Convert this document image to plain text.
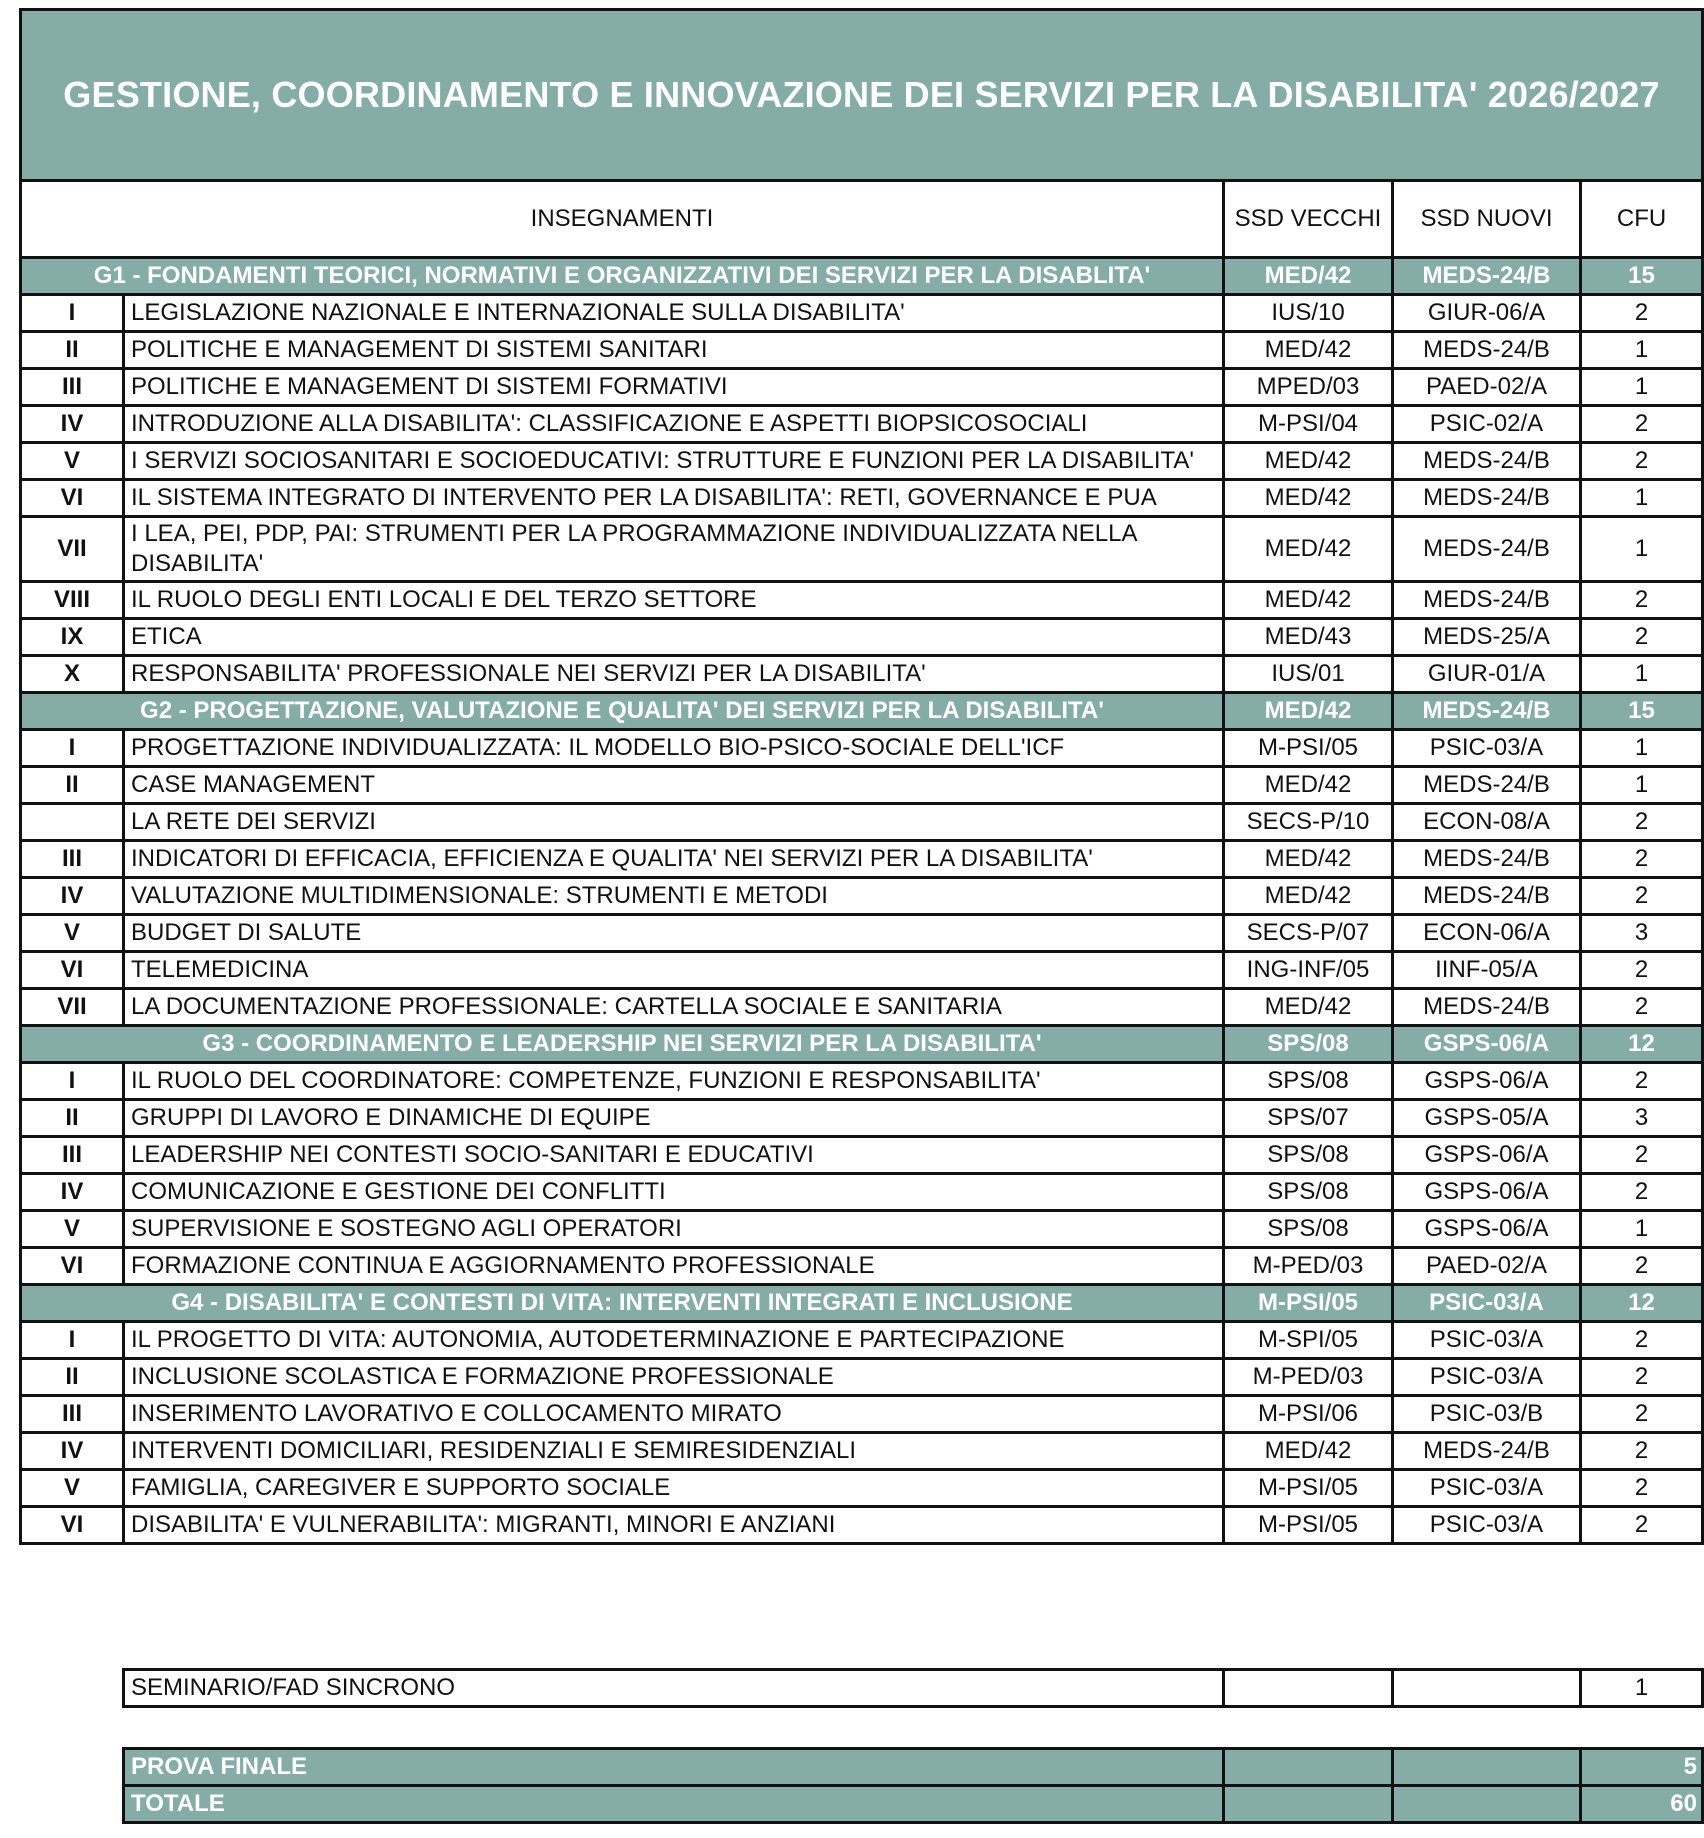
GESTIONE, COORDINAMENTO E INNOVAZIONE DEI SERVIZI PER LA DISABILITA' 2026/2027				
INSEGNAMENTI		SSD VECCHI	SSD NUOVI	CFU
G1 - FONDAMENTI TEORICI, NORMATIVI E ORGANIZZATIVI DEI SERVIZI PER LA DISABLITA'		MED/42	MEDS-24/B	15
I	LEGISLAZIONE NAZIONALE E INTERNAZIONALE SULLA DISABILITA'	IUS/10	GIUR-06/A	2
II	POLITICHE E MANAGEMENT DI SISTEMI SANITARI	MED/42	MEDS-24/B	1
III	POLITICHE E MANAGEMENT DI SISTEMI FORMATIVI	MPED/03	PAED-02/A	1
IV	INTRODUZIONE ALLA DISABILITA': CLASSIFICAZIONE E ASPETTI BIOPSICOSOCIALI	M-PSI/04	PSIC-02/A	2
V	I SERVIZI SOCIOSANITARI E SOCIOEDUCATIVI: STRUTTURE E FUNZIONI PER LA DISABILITA'	MED/42	MEDS-24/B	2
VI	IL SISTEMA INTEGRATO DI INTERVENTO PER LA DISABILITA': RETI, GOVERNANCE E PUA	MED/42	MEDS-24/B	1
VII	I LEA, PEI, PDP, PAI: STRUMENTI PER LA PROGRAMMAZIONE INDIVIDUALIZZATA NELLA DISABILITA'	MED/42	MEDS-24/B	1
VIII	IL RUOLO DEGLI ENTI LOCALI E DEL TERZO SETTORE	MED/42	MEDS-24/B	2
IX	ETICA	MED/43	MEDS-25/A	2
X	RESPONSABILITA' PROFESSIONALE NEI SERVIZI PER LA DISABILITA'	IUS/01	GIUR-01/A	1
G2 - PROGETTAZIONE, VALUTAZIONE E QUALITA' DEI SERVIZI PER LA DISABILITA'		MED/42	MEDS-24/B	15
I	PROGETTAZIONE INDIVIDUALIZZATA: IL MODELLO BIO-PSICO-SOCIALE DELL'ICF	M-PSI/05	PSIC-03/A	1
II	CASE MANAGEMENT	MED/42	MEDS-24/B	1
	LA RETE DEI SERVIZI	SECS-P/10	ECON-08/A	2
III	INDICATORI DI EFFICACIA, EFFICIENZA E QUALITA' NEI SERVIZI PER LA DISABILITA'	MED/42	MEDS-24/B	2
IV	VALUTAZIONE MULTIDIMENSIONALE: STRUMENTI E METODI	MED/42	MEDS-24/B	2
V	BUDGET DI SALUTE	SECS-P/07	ECON-06/A	3
VI	TELEMEDICINA	ING-INF/05	IINF-05/A	2
VII	LA DOCUMENTAZIONE PROFESSIONALE: CARTELLA SOCIALE E SANITARIA	MED/42	MEDS-24/B	2
G3 - COORDINAMENTO E LEADERSHIP NEI SERVIZI PER LA DISABILITA'		SPS/08	GSPS-06/A	12
I	IL RUOLO DEL COORDINATORE: COMPETENZE, FUNZIONI E RESPONSABILITA'	SPS/08	GSPS-06/A	2
II	GRUPPI DI LAVORO E DINAMICHE DI EQUIPE	SPS/07	GSPS-05/A	3
III	LEADERSHIP NEI CONTESTI SOCIO-SANITARI E EDUCATIVI	SPS/08	GSPS-06/A	2
IV	COMUNICAZIONE E GESTIONE DEI CONFLITTI	SPS/08	GSPS-06/A	2
V	SUPERVISIONE E SOSTEGNO AGLI OPERATORI	SPS/08	GSPS-06/A	1
VI	FORMAZIONE CONTINUA E AGGIORNAMENTO PROFESSIONALE	M-PED/03	PAED-02/A	2
G4 - DISABILITA' E CONTESTI DI VITA: INTERVENTI INTEGRATI E INCLUSIONE		M-PSI/05	PSIC-03/A	12
I	IL PROGETTO DI VITA: AUTONOMIA, AUTODETERMINAZIONE E PARTECIPAZIONE	M-SPI/05	PSIC-03/A	2
II	INCLUSIONE SCOLASTICA E FORMAZIONE PROFESSIONALE	M-PED/03	PSIC-03/A	2
III	INSERIMENTO LAVORATIVO E COLLOCAMENTO MIRATO	M-PSI/06	PSIC-03/B	2
IV	INTERVENTI DOMICILIARI, RESIDENZIALI E SEMIRESIDENZIALI	MED/42	MEDS-24/B	2
V	FAMIGLIA, CAREGIVER E SUPPORTO SOCIALE	M-PSI/05	PSIC-03/A	2
VI	DISABILITA' E VULNERABILITA': MIGRANTI, MINORI E ANZIANI	M-PSI/05	PSIC-03/A	2
SEMINARIO/FAD SINCRONO			1
PROVA FINALE			5
TOTALE			60
